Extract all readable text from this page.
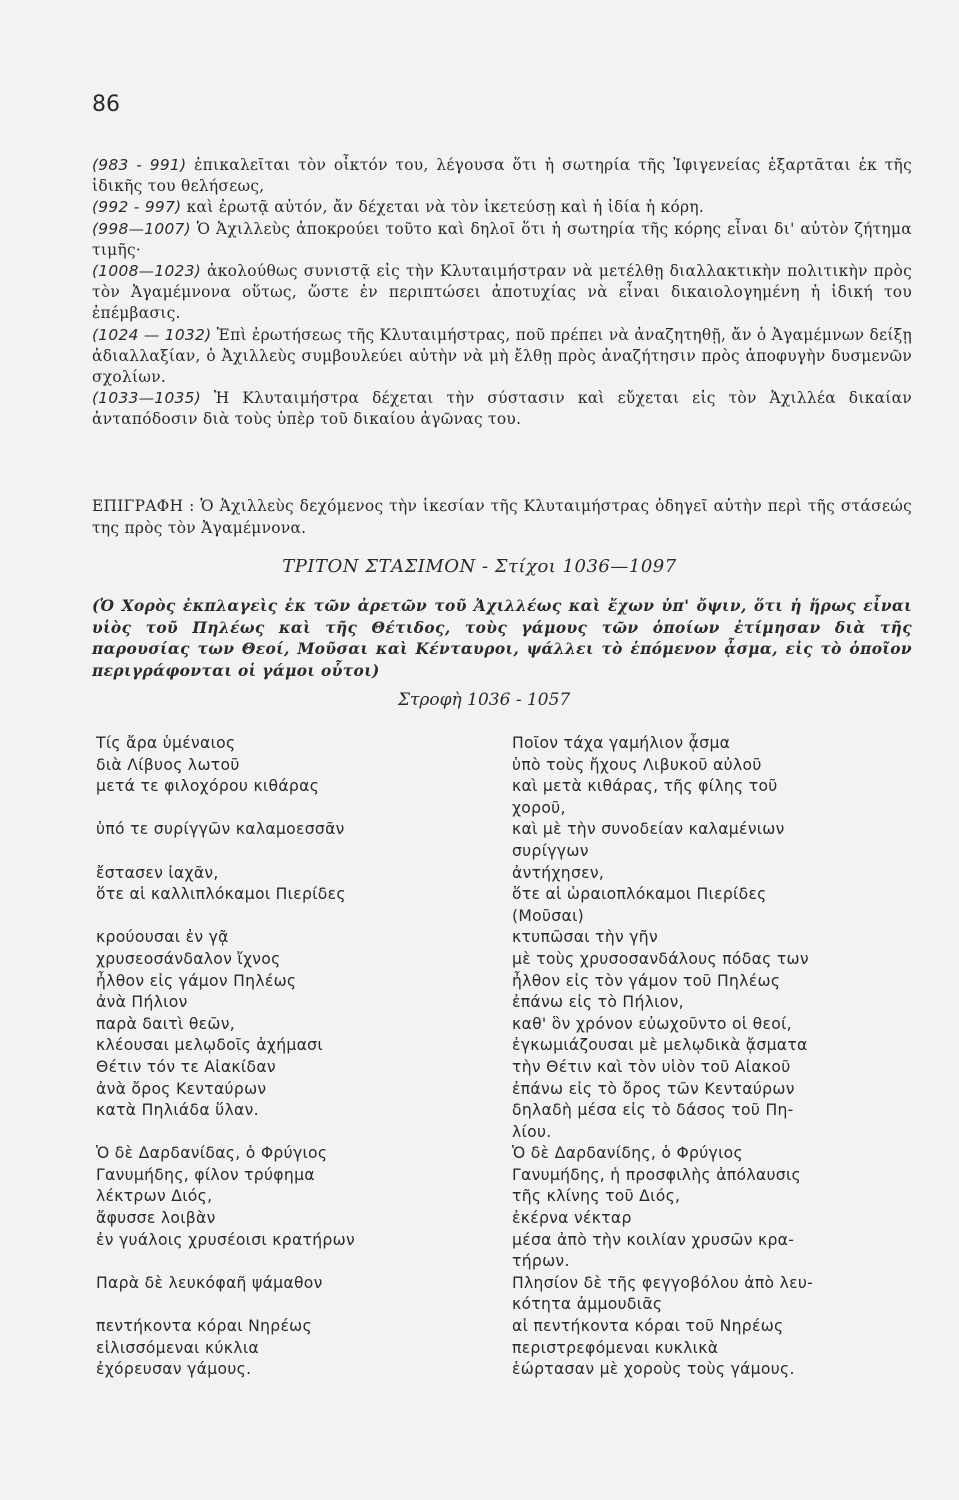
86

(983 - 991) ἐπικαλεῖται τὸν οἶκτόν του, λέγουσα ὅτι ἡ σωτηρία τῆς Ἰφιγενείας ἐξαρτᾶται ἐκ τῆς ἰδικῆς του θελήσεως,

(992 - 997) καὶ ἐρωτᾷ αὐτόν, ἄν δέχεται νὰ τὸν ἱκετεύσῃ καὶ ἡ ἰδία ἡ κόρη.

(998—1007) Ὁ Ἀχιλλεὺς ἀποκρούει τοῦτο καὶ δηλοῖ ὅτι ἡ σωτηρία τῆς κόρης εἶναι δι' αὐτὸν ζήτημα τιμῆς·

(1008—1023) ἀκολούθως συνιστᾷ εἰς τὴν Κλυταιμήστραν νὰ μετέλθῃ διαλλακτικὴν πολιτικὴν πρὸς τὸν Ἀγαμέμνονα οὕτως, ὥστε ἐν περιπτώσει ἀποτυχίας νὰ εἶναι δικαιολογημένη ἡ ἰδική του ἐπέμβασις.

(1024 — 1032) Ἐπὶ ἐρωτήσεως τῆς Κλυταιμήστρας, ποῦ πρέπει νὰ ἀναζητηθῇ, ἄν ὁ Ἀγαμέμνων δείξῃ ἀδιαλλαξίαν, ὁ Ἀχιλλεὺς συμβουλεύει αὐτὴν νὰ μὴ ἔλθῃ πρὸς ἀναζήτησιν πρὸς ἀποφυγὴν δυσμενῶν σχολίων.

(1033—1035) Ἡ Κλυταιμήστρα δέχεται τὴν σύστασιν καὶ εὔχεται εἰς τὸν Ἀχιλλέα δικαίαν ἀνταπόδοσιν διὰ τοὺς ὑπὲρ τοῦ δικαίου ἀγῶνας του.

ΕΠΙΓΡΑΦΗ : Ὁ Ἀχιλλεὺς δεχόμενος τὴν ἱκεσίαν τῆς Κλυταιμήστρας ὁδηγεῖ αὐτὴν περὶ τῆς στάσεώς της πρὸς τὸν Ἀγαμέμνονα.
ΤΡΙΤΟΝ ΣΤΑΣΙΜΟΝ - Στίχοι 1036—1097
(Ὁ Χορὸς ἐκπλαγεὶς ἐκ τῶν ἀρετῶν τοῦ Ἀχιλλέως καὶ ἔχων ὑπ' ὄψιν, ὅτι ἡ ἥρως εἶναι υἱὸς τοῦ Πηλέως καὶ τῆς Θέτιδος, τοὺς γάμους τῶν ὁποίων ἐτίμησαν διὰ τῆς παρουσίας των Θεοί, Μοῦσαι καὶ Κένταυροι, ψάλλει τὸ ἑπόμενον ᾆσμα, εἰς τὸ ὁποῖον περιγράφονται οἱ γάμοι οὗτοι)
Στροφὴ 1036 - 1057
Τίς ἄρα ὑμέναιος
διὰ Λίβυος λωτοῦ
μετά τε φιλοχόρου κιθάρας
ὑπό τε συρίγγῶν καλαμοεσσᾶν
ἔστασεν ἰαχᾶν,
ὅτε αἱ καλλιπλόκαμοι Πιερίδες
κρούουσαι ἐν γᾷ
χρυσεοσάνδαλον ἴχνος
ἦλθον εἰς γάμον Πηλέως
ἀνὰ Πήλιον
παρὰ δαιτὶ θεῶν,
κλέουσαι μελῳδοῖς ἀχήμασι
Θέτιν τόν τε Αἰακίδαν
ἀνὰ ὄρος Κενταύρων
κατὰ Πηλιάδα ὕλαν.
Ὁ δὲ Δαρδανίδας, ὁ Φρύγιος
Γανυμήδης, φίλον τρύφημα
λέκτρων Διός,
ἄφυσσε λοιβὰν
ἐν γυάλοις χρυσέοισι κρατήρων
Παρὰ δὲ λευκόφαῆ ψάμαθον
πεντήκοντα κόραι Νηρέως
εἱλισσόμεναι κύκλια
ἐχόρευσαν γάμους.
Ποῖον τάχα γαμήλιον ᾆσμα
ὑπὸ τοὺς ἤχους Λιβυκοῦ αὐλοῦ
καὶ μετὰ κιθάρας, τῆς φίλης τοῦ
χοροῦ,
καὶ μὲ τὴν συνοδείαν καλαμένιων
συρίγγων
ἀντήχησεν,
ὅτε αἱ ὡραιοπλόκαμοι Πιερίδες
(Μοῦσαι)
κτυπῶσαι τὴν γῆν
μὲ τοὺς χρυσοσανδάλους πόδας των
ἦλθον εἰς τὸν γάμον τοῦ Πηλέως
ἐπάνω εἰς τὸ Πήλιον,
καθ' ὃν χρόνον εὐωχοῦντο οἱ θεοί,
ἐγκωμιάζουσαι μὲ μελῳδικὰ ᾄσματα
τὴν Θέτιν καὶ τὸν υἱὸν τοῦ Αἰακοῦ
ἐπάνω εἰς τὸ ὄρος τῶν Κενταύρων
δηλαδὴ μέσα εἰς τὸ δάσος τοῦ Πη-
λίου.
Ὁ δὲ Δαρδανίδης, ὁ Φρύγιος
Γανυμήδης, ἡ προσφιλὴς ἀπόλαυσις
τῆς κλίνης τοῦ Διός,
ἐκέρνα νέκταρ
μέσα ἀπὸ τὴν κοιλίαν χρυσῶν κρα-
τήρων.
Πλησίον δὲ τῆς φεγγοβόλου ἀπὸ λευ-
κότητα ἀμμουδιᾶς
αἱ πεντήκοντα κόραι τοῦ Νηρέως
περιστρεφόμεναι κυκλικὰ
ἑώρτασαν μὲ χοροὺς τοὺς γάμους.
